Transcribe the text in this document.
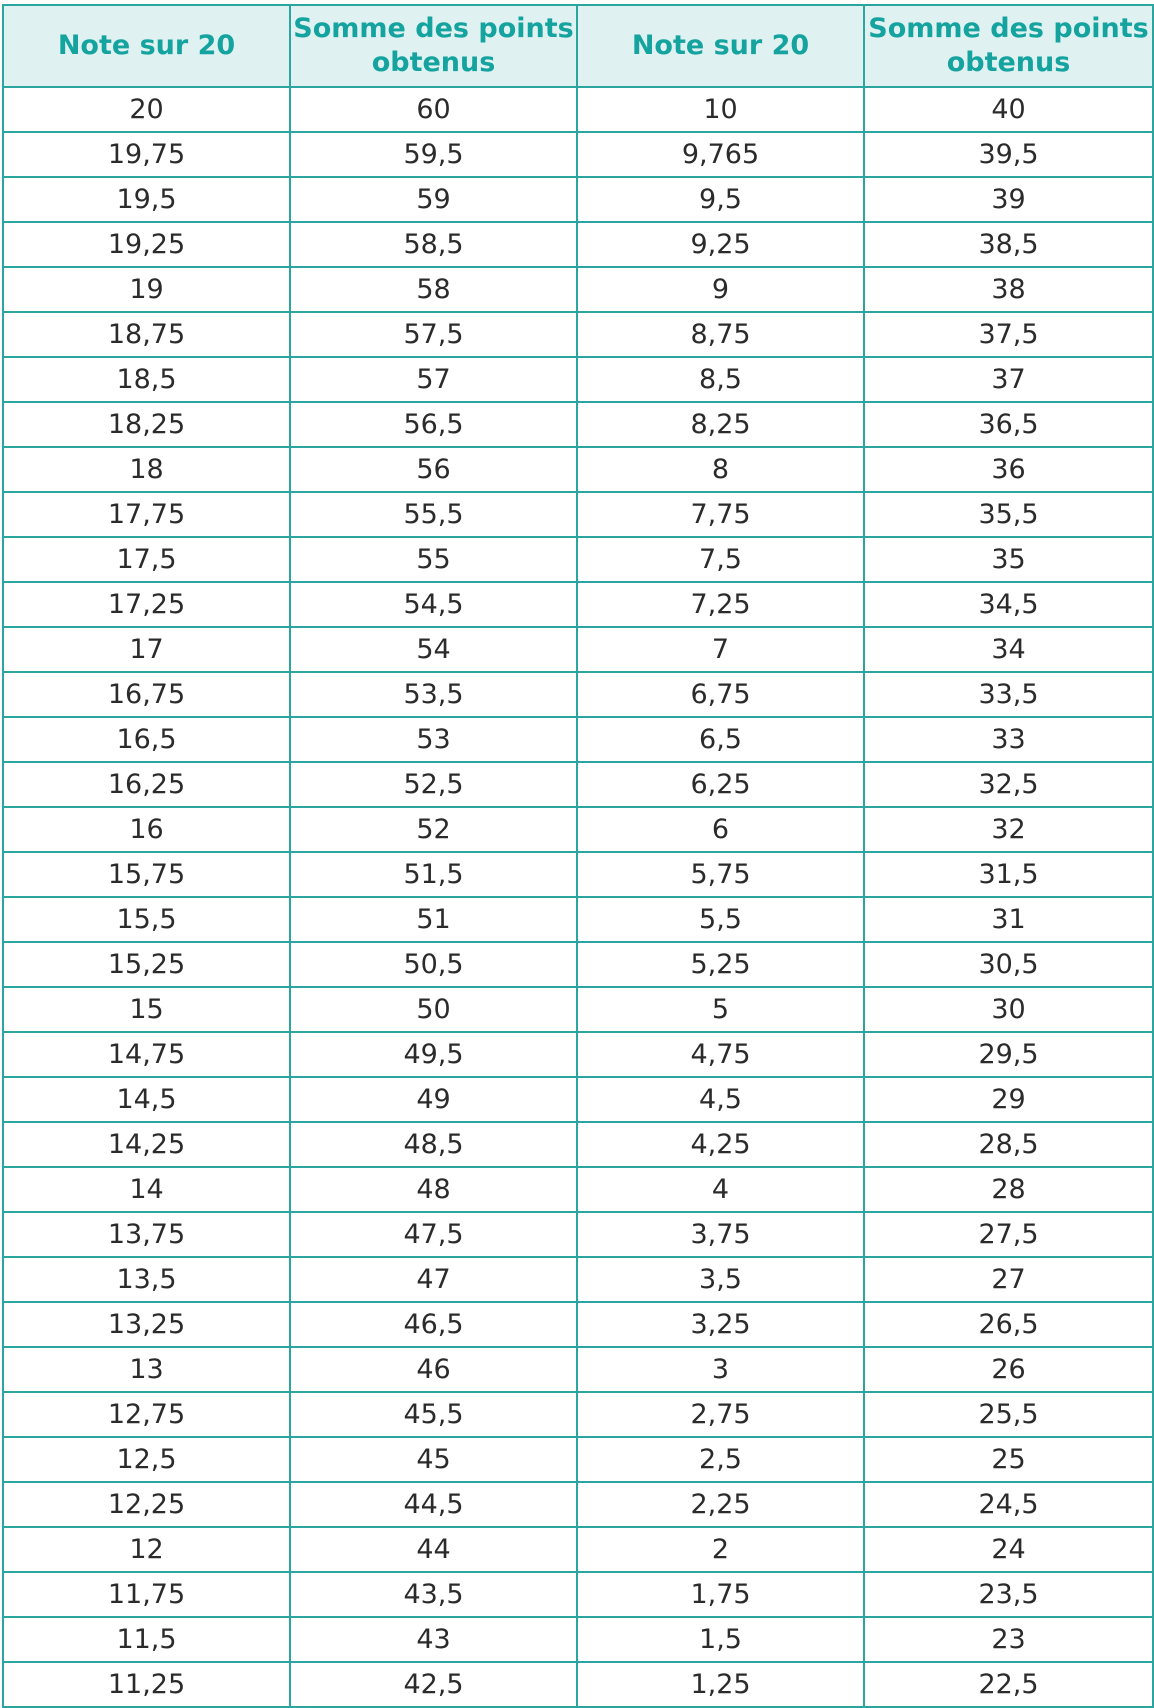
Note sur 20	Somme des points obtenus	Note sur 20	Somme des points obtenus
20	60	10	40
19,75	59,5	9,765	39,5
19,5	59	9,5	39
19,25	58,5	9,25	38,5
19	58	9	38
18,75	57,5	8,75	37,5
18,5	57	8,5	37
18,25	56,5	8,25	36,5
18	56	8	36
17,75	55,5	7,75	35,5
17,5	55	7,5	35
17,25	54,5	7,25	34,5
17	54	7	34
16,75	53,5	6,75	33,5
16,5	53	6,5	33
16,25	52,5	6,25	32,5
16	52	6	32
15,75	51,5	5,75	31,5
15,5	51	5,5	31
15,25	50,5	5,25	30,5
15	50	5	30
14,75	49,5	4,75	29,5
14,5	49	4,5	29
14,25	48,5	4,25	28,5
14	48	4	28
13,75	47,5	3,75	27,5
13,5	47	3,5	27
13,25	46,5	3,25	26,5
13	46	3	26
12,75	45,5	2,75	25,5
12,5	45	2,5	25
12,25	44,5	2,25	24,5
12	44	2	24
11,75	43,5	1,75	23,5
11,5	43	1,5	23
11,25	42,5	1,25	22,5
